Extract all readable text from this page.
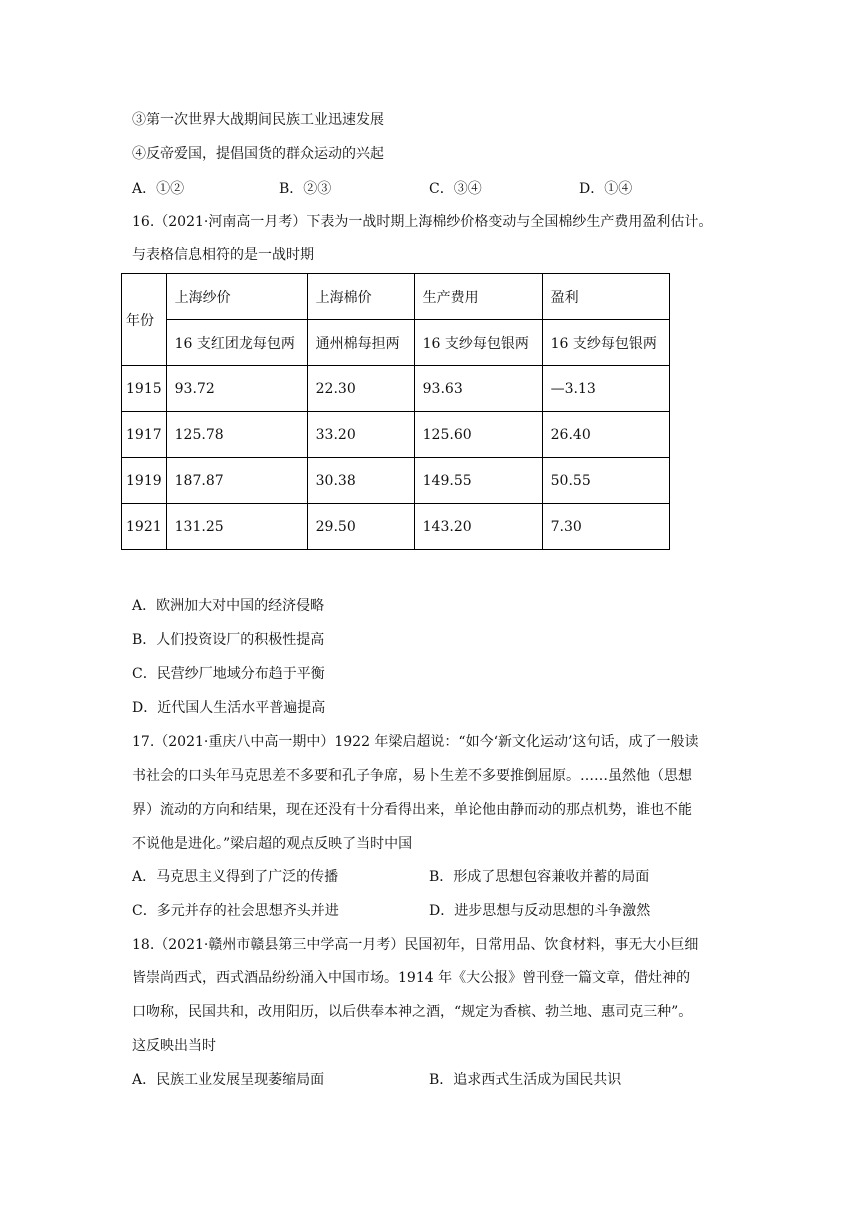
③第一次世界大战期间民族工业迅速发展
④反帝爱国，提倡国货的群众运动的兴起
A．①②	B．②③	C．③④	D．①④
16.（2021·河南高一月考）下表为一战时期上海棉纱价格变动与全国棉纱生产费用盈利估计。
与表格信息相符的是一战时期
年份	上海纱价	上海棉价	生产费用	盈利
	16 支红团龙每包两	通州棉每担两	16 支纱每包银两	16 支纱每包银两
1915	93.72	22.30	93.63	—3.13
1917	125.78	33.20	125.60	26.40
1919	187.87	30.38	149.55	50.55
1921	131.25	29.50	143.20	7.30
A．欧洲加大对中国的经济侵略
B．人们投资设厂的积极性提高
C．民营纱厂地域分布趋于平衡
D．近代国人生活水平普遍提高
17.（2021·重庆八中高一期中）1922 年梁启超说：“如今‘新文化运动’这句话，成了一般读
书社会的口头年马克思差不多要和孔子争席，易卜生差不多要推倒屈原。……虽然他（思想
界）流动的方向和结果，现在还没有十分看得出来，单论他由静而动的那点机势，谁也不能
不说他是进化。”梁启超的观点反映了当时中国
A．马克思主义得到了广泛的传播	B．形成了思想包容兼收并蓄的局面
C．多元并存的社会思想齐头并进	D．进步思想与反动思想的斗争激然
18.（2021·赣州市赣县第三中学高一月考）民国初年，日常用品、饮食材料，事无大小巨细
皆崇尚西式，西式酒品纷纷涌入中国市场。1914 年《大公报》曾刊登一篇文章，借灶神的
口吻称，民国共和，改用阳历，以后供奉本神之酒，“规定为香槟、勃兰地、惠司克三种”。
这反映出当时
A．民族工业发展呈现萎缩局面	B．追求西式生活成为国民共识
